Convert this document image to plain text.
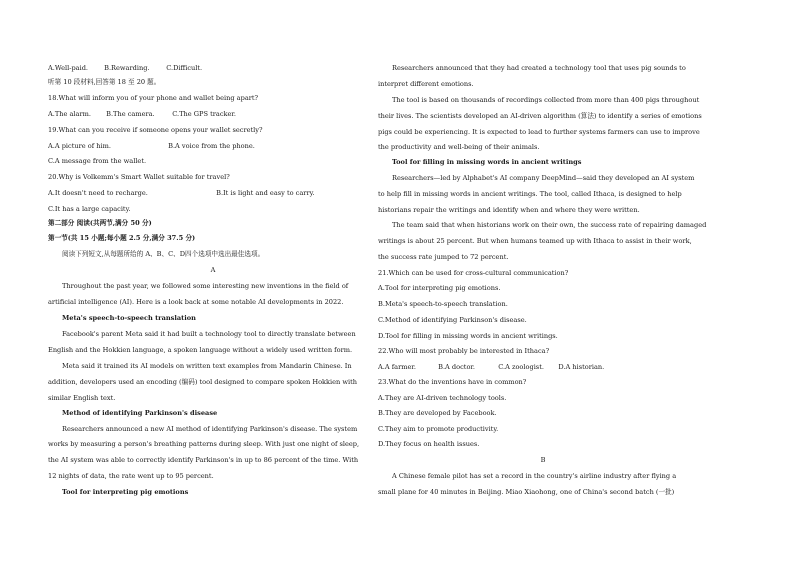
A.Well-paid. B.Rewarding.	C.Difficult.
听第 10 段材料,回答第 18 至 20 题。
18.What will inform you of your phone and wallet being apart?
A.The alarm. B.The camera.	C.The GPS tracker.
19.What can you receive if someone opens your wallet secretly?
A.A picture of him.	B.A voice from the phone.
C.A message from the wallet.
20.Why is Volkemm's Smart Wallet suitable for travel?
A.It doesn't need to recharge.	B.It is light and easy to carry.
C.It has a large capacity.
第二部分 阅读(共两节,满分 50 分)
第一节(共 15 小题;每小题 2.5 分,满分 37.5 分)
阅读下列短文,从每题所给的 A、B、C、D四个选项中选出最佳选项。
A
Throughout the past year, we followed some interesting new inventions in the field of
artificial intelligence (AI). Here is a look back at some notable AI developments in 2022.
Meta's speech-to-speech translation
Facebook's parent Meta said it had built a technology tool to directly translate between
English and the Hokkien language, a spoken language without a widely used written form.
Meta said it trained its AI models on written text examples from Mandarin Chinese. In
addition, developers used an encoding (编码) tool designed to compare spoken Hokkien with
similar English text.
Method of identifying Parkinson's disease
Researchers announced a new AI method of identifying Parkinson's disease. The system
works by measuring a person's breathing patterns during sleep. With just one night of sleep,
the AI system was able to correctly identify Parkinson's in up to 86 percent of the time. With
12 nights of data, the rate went up to 95 percent.
Tool for interpreting pig emotions
Researchers announced that they had created a technology tool that uses pig sounds to
interpret different emotions.
The tool is based on thousands of recordings collected from more than 400 pigs throughout
their lives. The scientists developed an AI-driven algorithm (算法) to identify a series of emotions
pigs could be experiencing. It is expected to lead to further systems farmers can use to improve
the productivity and well-being of their animals.
Tool for filling in missing words in ancient writings
Researchers—led by Alphabet's AI company DeepMind—said they developed an AI system
to help fill in missing words in ancient writings. The tool, called Ithaca, is designed to help
historians repair the writings and identify when and where they were written.
The team said that when historians work on their own, the success rate of repairing damaged
writings is about 25 percent. But when humans teamed up with Ithaca to assist in their work,
the success rate jumped to 72 percent.
21.Which can be used for cross-cultural communication?
A.Tool for interpreting pig emotions.
B.Meta's speech-to-speech translation.
C.Method of identifying Parkinson's disease.
D.Tool for filling in missing words in ancient writings.
22.Who will most probably be interested in Ithaca?
A.A farmer.	B.A doctor.	C.A zoologist. D.A historian.
23.What do the inventions have in common?
A.They are AI-driven technology tools.
B.They are developed by Facebook.
C.They aim to promote productivity.
D.They focus on health issues.
B
A Chinese female pilot has set a record in the country's airline industry after flying a
small plane for 40 minutes in Beijing. Miao Xiaohong, one of China's second batch (一批)
